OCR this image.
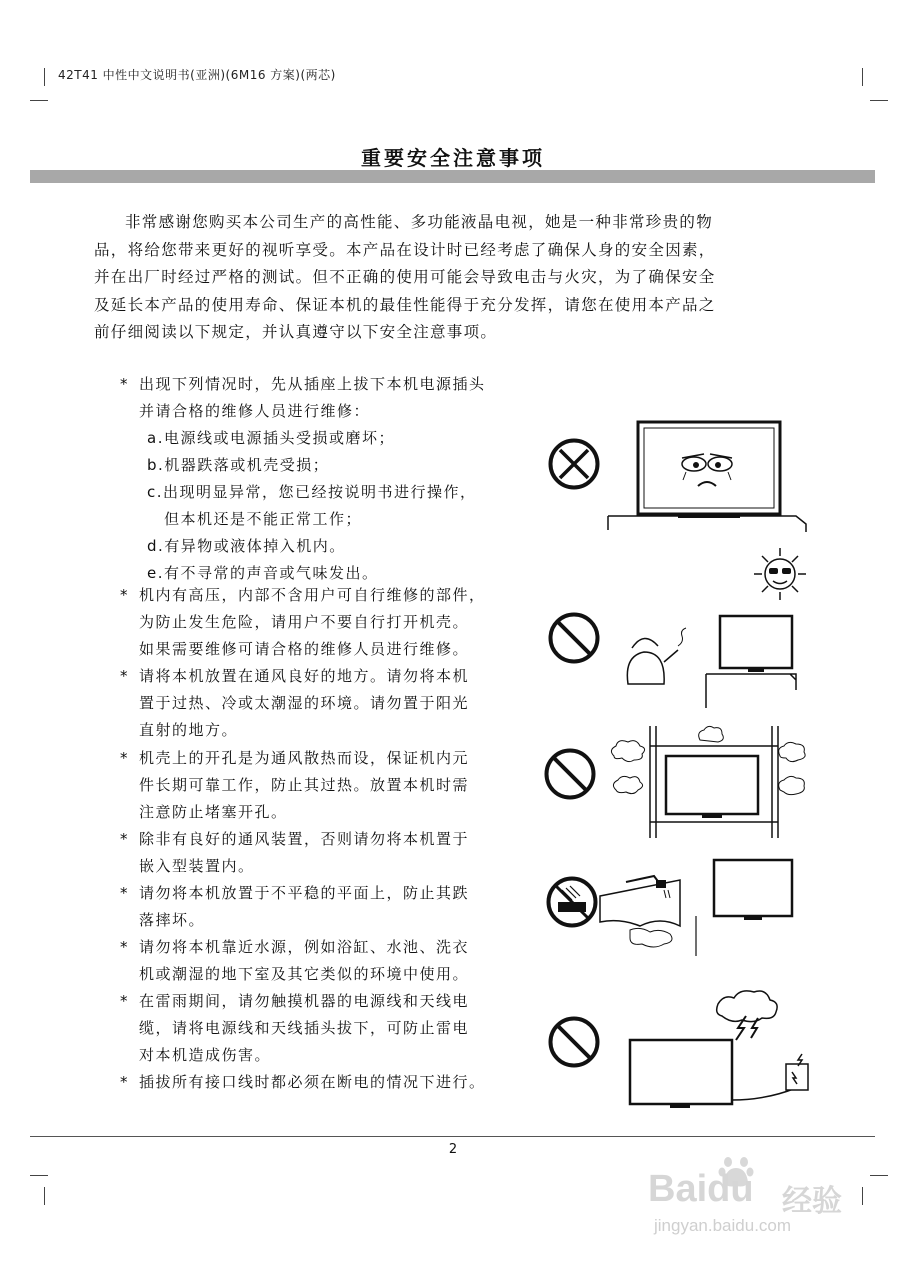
42T41 中性中文说明书(亚洲)(6M16 方案)(两芯)
重要安全注意事项
非常感谢您购买本公司生产的高性能、多功能液晶电视，她是一种非常珍贵的物
品，将给您带来更好的视听享受。本产品在设计时已经考虑了确保人身的安全因素，
并在出厂时经过严格的测试。但不正确的使用可能会导致电击与火灾，为了确保安全
及延长本产品的使用寿命、保证本机的最佳性能得于充分发挥，请您在使用本产品之
前仔细阅读以下规定，并认真遵守以下安全注意事项。
* 出现下列情况时，先从插座上拔下本机电源插头
并请合格的维修人员进行维修：
a.电源线或电源插头受损或磨坏；
b.机器跌落或机壳受损；
c.出现明显异常，您已经按说明书进行操作，
但本机还是不能正常工作；
d.有异物或液体掉入机内。
e.有不寻常的声音或气味发出。
* 机内有高压，内部不含用户可自行维修的部件，
为防止发生危险，请用户不要自行打开机壳。
如果需要维修可请合格的维修人员进行维修。
* 请将本机放置在通风良好的地方。请勿将本机
置于过热、冷或太潮湿的环境。请勿置于阳光
直射的地方。
* 机壳上的开孔是为通风散热而设，保证机内元
件长期可靠工作，防止其过热。放置本机时需
注意防止堵塞开孔。
* 除非有良好的通风装置，否则请勿将本机置于
嵌入型装置内。
* 请勿将本机放置于不平稳的平面上，防止其跌
落摔坏。
* 请勿将本机靠近水源，例如浴缸、水池、洗衣
机或潮湿的地下室及其它类似的环境中使用。
* 在雷雨期间，请勿触摸机器的电源线和天线电
缆，请将电源线和天线插头拔下，可防止雷电
对本机造成伤害。
* 插拔所有接口线时都必须在断电的情况下进行。
2
Baidu 经验
jingyan.baidu.com
